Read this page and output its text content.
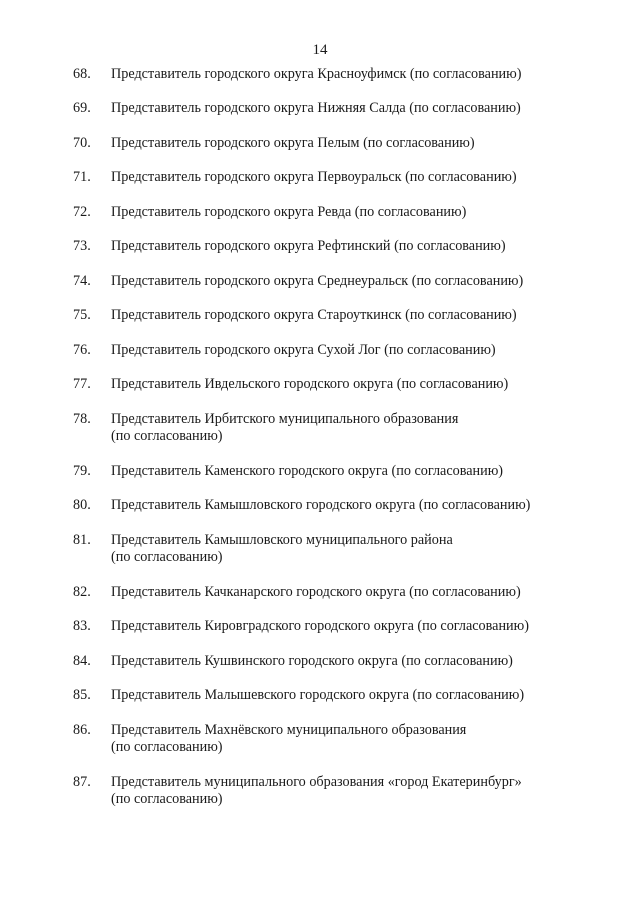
14
68. Представитель городского округа Красноуфимск (по согласованию)
69. Представитель городского округа Нижняя Салда (по согласованию)
70. Представитель городского округа Пелым (по согласованию)
71. Представитель городского округа Первоуральск (по согласованию)
72. Представитель городского округа Ревда (по согласованию)
73. Представитель городского округа Рефтинский (по согласованию)
74. Представитель городского округа Среднеуральск (по согласованию)
75. Представитель городского округа Староуткинск (по согласованию)
76. Представитель городского округа Сухой Лог (по согласованию)
77. Представитель Ивдельского городского округа (по согласованию)
78. Представитель Ирбитского муниципального образования
(по согласованию)
79. Представитель Каменского городского округа (по согласованию)
80. Представитель Камышловского городского округа (по согласованию)
81. Представитель Камышловского муниципального района
(по согласованию)
82. Представитель Качканарского городского округа (по согласованию)
83. Представитель Кировградского городского округа (по согласованию)
84. Представитель Кушвинского городского округа (по согласованию)
85. Представитель Малышевского городского округа (по согласованию)
86. Представитель Махнёвского муниципального образования
(по согласованию)
87. Представитель муниципального образования «город Екатеринбург»
(по согласованию)
